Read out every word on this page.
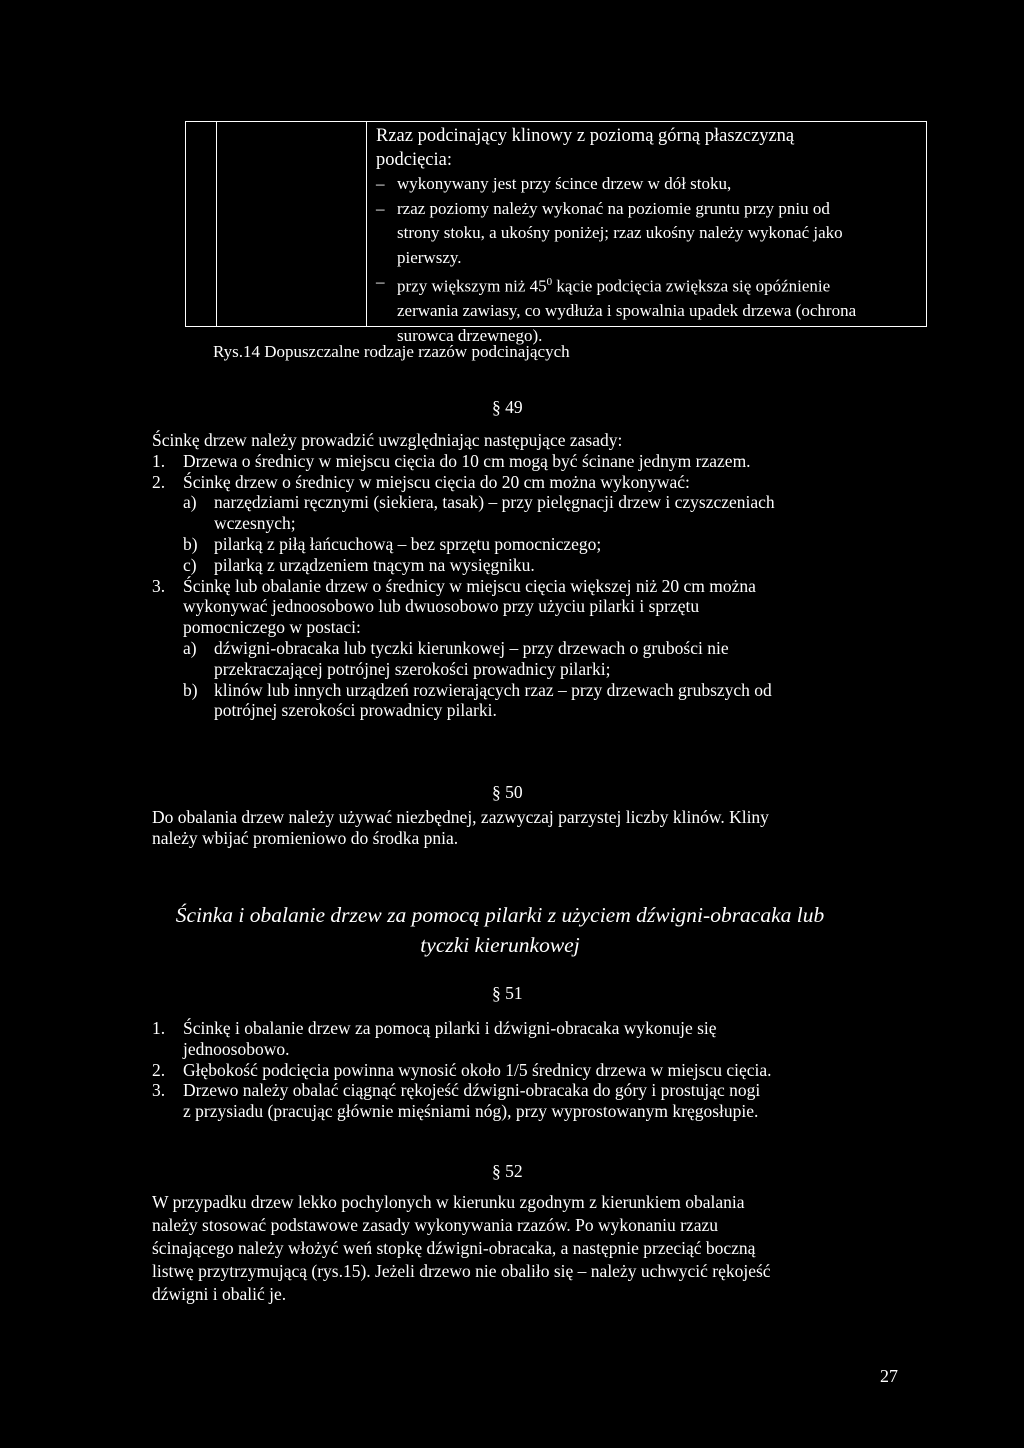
Rzaz podcinający klinowy z poziomą górną płaszczyzną
podcięcia:
– wykonywany jest przy ścince drzew w dół stoku,
– rzaz poziomy należy wykonać na poziomie gruntu przy pniu od
strony stoku, a ukośny poniżej; rzaz ukośny należy wykonać jako
pierwszy.
– przy większym niż $45^0$ kącie podcięcia zwiększa się opóźnienie
zerwania zawiasy, co wydłuża i spowalnia upadek drzewa (ochrona
surowca drzewnego).
Rys.14 Dopuszczalne rodzaje rzazów podcinających
§ 49
Ścinkę drzew należy prowadzić uwzględniając następujące zasady:
1. Drzewa o średnicy w miejscu cięcia do 10 cm mogą być ścinane jednym rzazem.
2. Ścinkę drzew o średnicy w miejscu cięcia do 20 cm można wykonywać:
a) narzędziami ręcznymi (siekiera, tasak) – przy pielęgnacji drzew i czyszczeniach
wczesnych;
b) pilarką z piłą łańcuchową – bez sprzętu pomocniczego;
c) pilarką z urządzeniem tnącym na wysięgniku.
3. Ścinkę lub obalanie drzew o średnicy w miejscu cięcia większej niż 20 cm można
wykonywać jednoosobowo lub dwuosobowo przy użyciu pilarki i sprzętu
pomocniczego w postaci:
a) dźwigni-obracaka lub tyczki kierunkowej – przy drzewach o grubości nie
przekraczającej potrójnej szerokości prowadnicy pilarki;
b) klinów lub innych urządzeń rozwierających rzaz – przy drzewach grubszych od
potrójnej szerokości prowadnicy pilarki.
§ 50
Do obalania drzew należy używać niezbędnej, zazwyczaj parzystej liczby klinów. Kliny
należy wbijać promieniowo do środka pnia.
Ścinka i obalanie drzew za pomocą pilarki z użyciem dźwigni-obracaka lub
tyczki kierunkowej
§ 51
1. Ścinkę i obalanie drzew za pomocą pilarki i dźwigni-obracaka wykonuje się
jednoosobowo.
2. Głębokość podcięcia powinna wynosić około 1/5 średnicy drzewa w miejscu cięcia.
3. Drzewo należy obalać ciągnąć rękojeść dźwigni-obracaka do góry i prostując nogi
z przysiadu (pracując głównie mięśniami nóg), przy wyprostowanym kręgosłupie.
§ 52
W przypadku drzew lekko pochylonych w kierunku zgodnym z kierunkiem obalania
należy stosować podstawowe zasady wykonywania rzazów. Po wykonaniu rzazu
ścinającego należy włożyć weń stopkę dźwigni-obracaka, a następnie przeciąć boczną
listwę przytrzymującą (rys.15). Jeżeli drzewo nie obaliło się – należy uchwycić rękojeść
dźwigni i obalić je.
27
